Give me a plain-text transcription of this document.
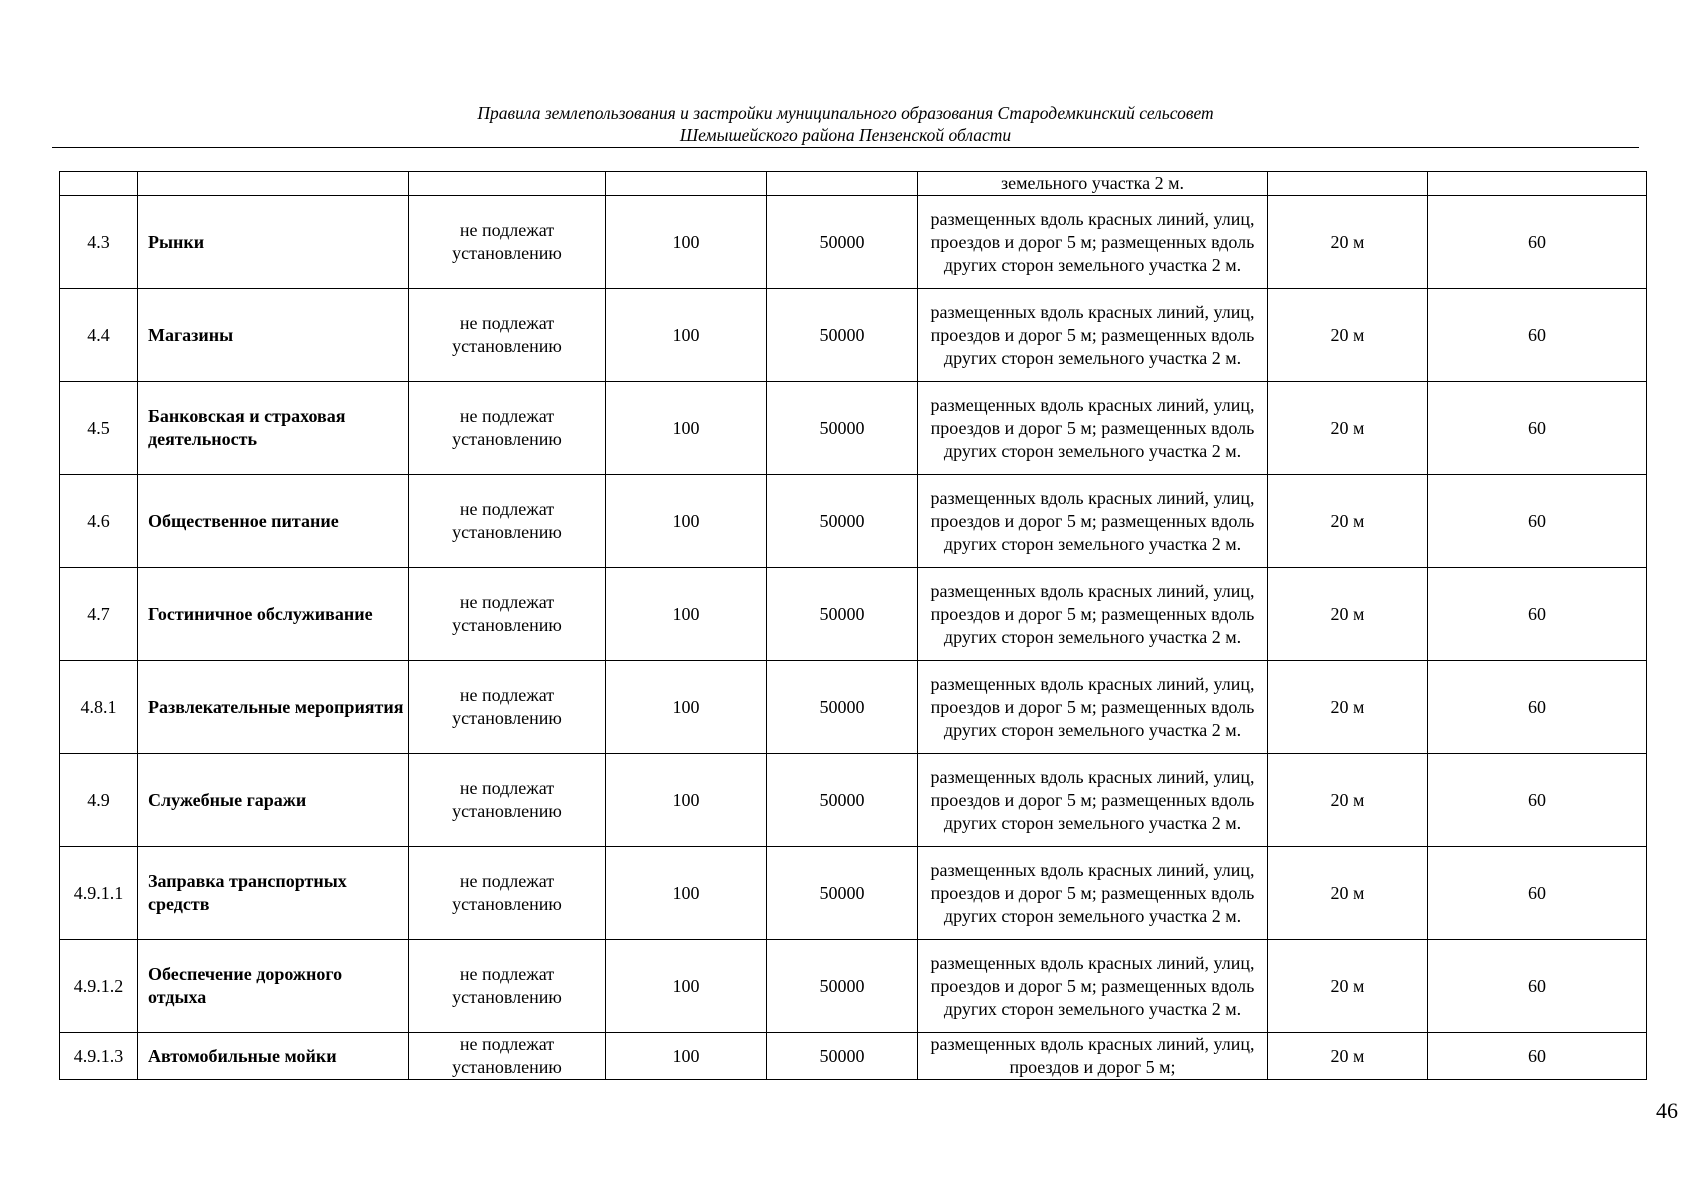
Правила землепользования и застройки муниципального образования Стародемкинский сельсовет
Шемышейского района Пензенской области
					земельного участка 2 м.		
4.3	Рынки	не подлежат установлению	100	50000	размещенных вдоль красных линий, улиц, проездов и дорог 5 м; размещенных вдоль других сторон земельного участка 2 м.	20 м	60
4.4	Магазины	не подлежат установлению	100	50000	размещенных вдоль красных линий, улиц, проездов и дорог 5 м; размещенных вдоль других сторон земельного участка 2 м.	20 м	60
4.5	Банковская и страховая деятельность	не подлежат установлению	100	50000	размещенных вдоль красных линий, улиц, проездов и дорог 5 м; размещенных вдоль других сторон земельного участка 2 м.	20 м	60
4.6	Общественное питание	не подлежат установлению	100	50000	размещенных вдоль красных линий, улиц, проездов и дорог 5 м; размещенных вдоль других сторон земельного участка 2 м.	20 м	60
4.7	Гостиничное обслуживание	не подлежат установлению	100	50000	размещенных вдоль красных линий, улиц, проездов и дорог 5 м; размещенных вдоль других сторон земельного участка 2 м.	20 м	60
4.8.1	Развлекательные мероприятия	не подлежат установлению	100	50000	размещенных вдоль красных линий, улиц, проездов и дорог 5 м; размещенных вдоль других сторон земельного участка 2 м.	20 м	60
4.9	Служебные гаражи	не подлежат установлению	100	50000	размещенных вдоль красных линий, улиц, проездов и дорог 5 м; размещенных вдоль других сторон земельного участка 2 м.	20 м	60
4.9.1.1	Заправка транспортных средств	не подлежат установлению	100	50000	размещенных вдоль красных линий, улиц, проездов и дорог 5 м; размещенных вдоль других сторон земельного участка 2 м.	20 м	60
4.9.1.2	Обеспечение дорожного отдыха	не подлежат установлению	100	50000	размещенных вдоль красных линий, улиц, проездов и дорог 5 м; размещенных вдоль других сторон земельного участка 2 м.	20 м	60
4.9.1.3	Автомобильные мойки	не подлежат установлению	100	50000	размещенных вдоль красных линий, улиц, проездов и дорог 5 м;	20 м	60
46
